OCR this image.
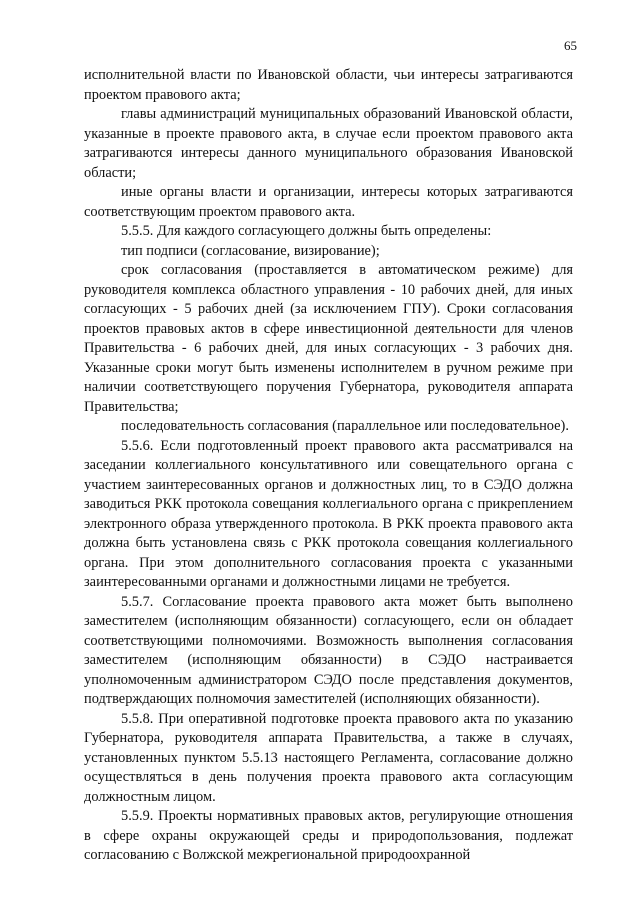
65

исполнительной власти по Ивановской области, чьи интересы затрагиваются проектом правового акта;

главы администраций муниципальных образований Ивановской области, указанные в проекте правового акта, в случае если проектом правового акта затрагиваются интересы данного муниципального образования Ивановской области;

иные органы власти и организации, интересы которых затрагиваются соответствующим проектом правового акта.

5.5.5. Для каждого согласующего должны быть определены:

тип подписи (согласование, визирование);

срок согласования (проставляется в автоматическом режиме) для руководителя комплекса областного управления - 10 рабочих дней, для иных согласующих - 5 рабочих дней (за исключением ГПУ). Сроки согласования проектов правовых актов в сфере инвестиционной деятельности для членов Правительства - 6 рабочих дней, для иных согласующих - 3 рабочих дня. Указанные сроки могут быть изменены исполнителем в ручном режиме при наличии соответствующего поручения Губернатора, руководителя аппарата Правительства;

последовательность согласования (параллельное или последовательное).

5.5.6. Если подготовленный проект правового акта рассматривался на заседании коллегиального консультативного или совещательного органа с участием заинтересованных органов и должностных лиц, то в СЭДО должна заводиться РКК протокола совещания коллегиального органа с прикреплением электронного образа утвержденного протокола. В РКК проекта правового акта должна быть установлена связь с РКК протокола совещания коллегиального органа. При этом дополнительного согласования проекта с указанными заинтересованными органами и должностными лицами не требуется.

5.5.7. Согласование проекта правового акта может быть выполнено заместителем (исполняющим обязанности) согласующего, если он обладает соответствующими полномочиями. Возможность выполнения согласования заместителем (исполняющим обязанности) в СЭДО настраивается уполномоченным администратором СЭДО после представления документов, подтверждающих полномочия заместителей (исполняющих обязанности).

5.5.8. При оперативной подготовке проекта правового акта по указанию Губернатора, руководителя аппарата Правительства, а также в случаях, установленных пунктом 5.5.13 настоящего Регламента, согласование должно осуществляться в день получения проекта правового акта согласующим должностным лицом.

5.5.9. Проекты нормативных правовых актов, регулирующие отношения в сфере охраны окружающей среды и природопользования, подлежат согласованию с Волжской межрегиональной природоохранной
